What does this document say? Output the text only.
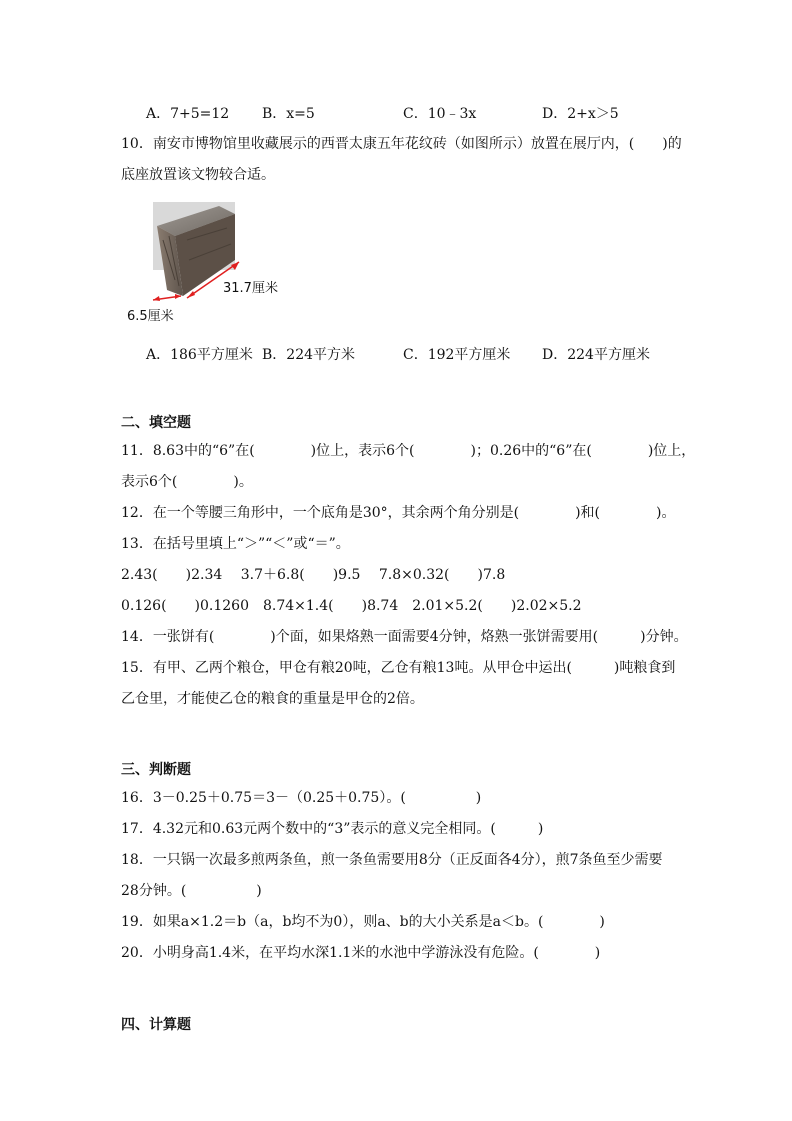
A．7+5=12 B．x=5	C．10﹣3x	D．2+x＞5
10．南安市博物馆里收藏展示的西晋太康五年花纹砖（如图所示）放置在展厅内，(　　)的
底座放置该文物较合适。
31.7厘米
6.5厘米
A．186平方厘米 B．224平方米	C．192平方厘米 D．224平方厘米
二、填空题
11．8.63中的“6”在(　　　　)位上，表示6个(　　　　)；0.26中的“6”在(　　　　)位上，
表示6个(　　　　)。
12．在一个等腰三角形中，一个底角是30°，其余两个角分别是(　　　　)和(　　　　)。
13．在括号里填上“＞”“＜”或“＝”。
2.43(　　)2.34　 3.7＋6.8(　　)9.5　 7.8×0.32(　　)7.8
0.126(　　)0.1260　8.74×1.4(　　)8.74　2.01×5.2(　　)2.02×5.2
14．一张饼有(　　　　)个面，如果烙熟一面需要4分钟，烙熟一张饼需要用(　　　)分钟。
15．有甲、乙两个粮仓，甲仓有粮20吨，乙仓有粮13吨。从甲仓中运出(　　　)吨粮食到
乙仓里，才能使乙仓的粮食的重量是甲仓的2倍。
三、判断题
16．3－0.25＋0.75＝3－（0.25＋0.75）。(　　　　　)
17．4.32元和0.63元两个数中的“3”表示的意义完全相同。(　　　)
18．一只锅一次最多煎两条鱼，煎一条鱼需要用8分（正反面各4分），煎7条鱼至少需要
28分钟。(　　　　　)
19．如果a×1.2＝b（a，b均不为0），则a、b的大小关系是a＜b。(　　　　)
20．小明身高1.4米，在平均水深1.1米的水池中学游泳没有危险。(　　　　)
四、计算题
